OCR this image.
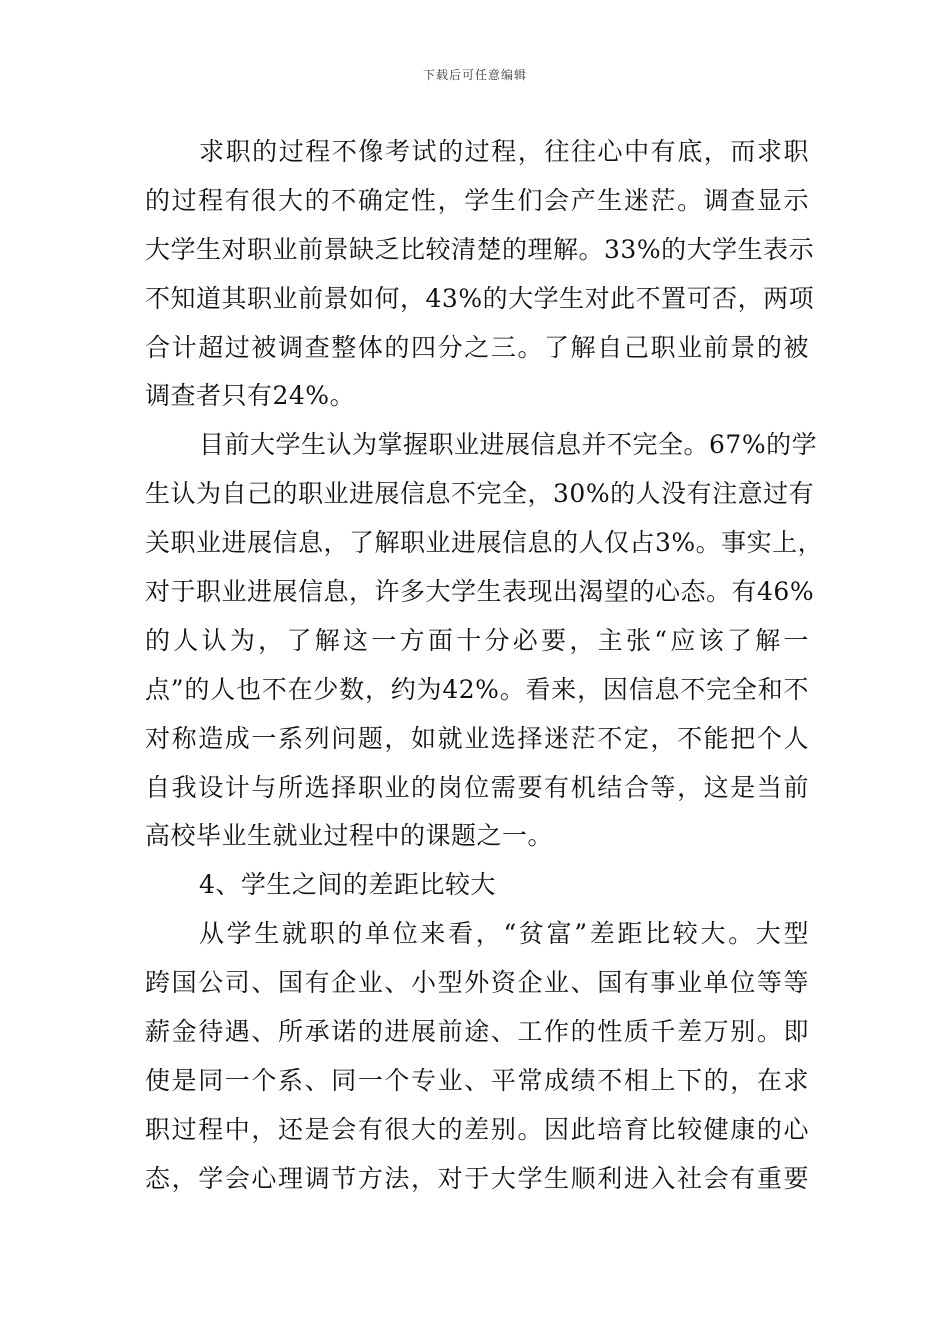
下载后可任意编辑
求职的过程不像考试的过程，往往心中有底，而求职
的过程有很大的不确定性，学生们会产生迷茫。调查显示
大学生对职业前景缺乏比较清楚的理解。33%的大学生表示
不知道其职业前景如何，43%的大学生对此不置可否，两项
合计超过被调查整体的四分之三。了解自己职业前景的被
调查者只有24%。
目前大学生认为掌握职业进展信息并不完全。67%的学
生认为自己的职业进展信息不完全，30%的人没有注意过有
关职业进展信息，了解职业进展信息的人仅占3%。事实上，
对于职业进展信息，许多大学生表现出渴望的心态。有46%
的人认为，了解这一方面十分必要，主张“应该了解一
点”的人也不在少数，约为42%。看来，因信息不完全和不
对称造成一系列问题，如就业选择迷茫不定，不能把个人
自我设计与所选择职业的岗位需要有机结合等，这是当前
高校毕业生就业过程中的课题之一。
4、学生之间的差距比较大
从学生就职的单位来看，“贫富”差距比较大。大型
跨国公司、国有企业、小型外资企业、国有事业单位等等
薪金待遇、所承诺的进展前途、工作的性质千差万别。即
使是同一个系、同一个专业、平常成绩不相上下的，在求
职过程中，还是会有很大的差别。因此培育比较健康的心
态，学会心理调节方法，对于大学生顺利进入社会有重要
